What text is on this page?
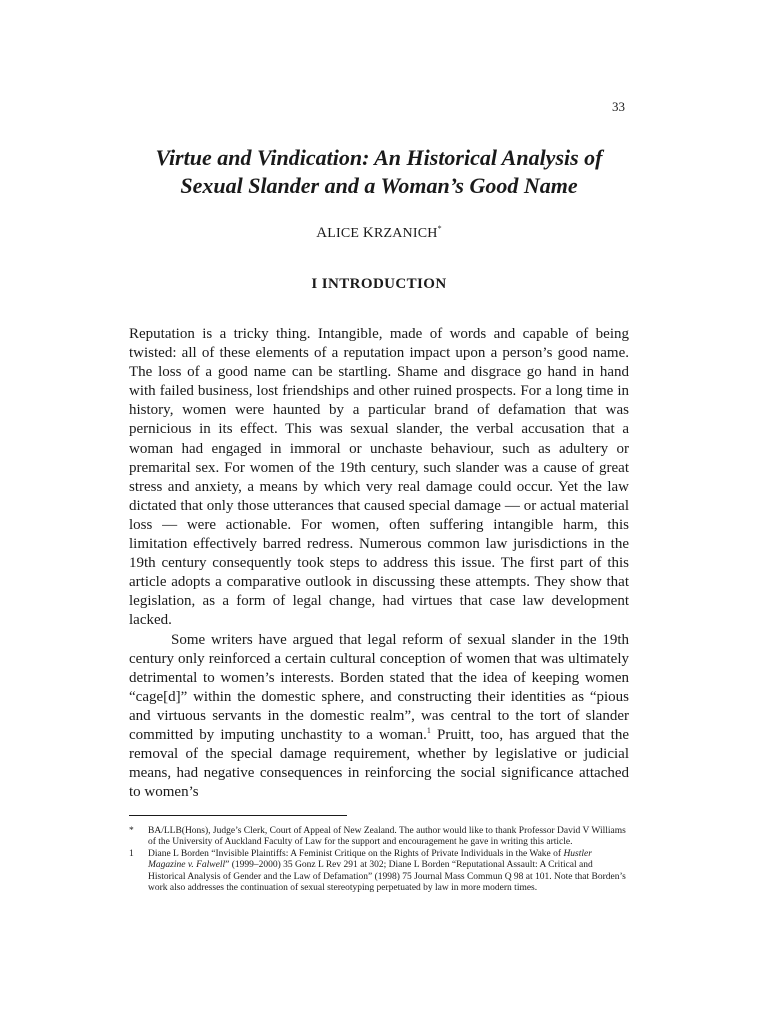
33
Virtue and Vindication: An Historical Analysis of
Sexual Slander and a Woman’s Good Name
ALICE KRZANICH*
I INTRODUCTION

Reputation is a tricky thing. Intangible, made of words and capable of being twisted: all of these elements of a reputation impact upon a person’s good name. The loss of a good name can be startling. Shame and disgrace go hand in hand with failed business, lost friendships and other ruined prospects. For a long time in history, women were haunted by a particular brand of defamation that was pernicious in its effect. This was sexual slander, the verbal accusation that a woman had engaged in immoral or unchaste behaviour, such as adultery or premarital sex. For women of the 19th century, such slander was a cause of great stress and anxiety, a means by which very real damage could occur. Yet the law dictated that only those utterances that caused special damage — or actual material loss — were actionable. For women, often suffering intangible harm, this limitation effectively barred redress. Numerous common law jurisdictions in the 19th century consequently took steps to address this issue. The first part of this article adopts a comparative outlook in discussing these attempts. They show that legislation, as a form of legal change, had virtues that case law development lacked.

Some writers have argued that legal reform of sexual slander in the 19th century only reinforced a certain cultural conception of women that was ultimately detrimental to women’s interests. Borden stated that the idea of keeping women “cage[d]” within the domestic sphere, and constructing their identities as “pious and virtuous servants in the domestic realm”, was central to the tort of slander committed by imputing unchastity to a woman.$^1$ Pruitt, too, has argued that the removal of the special damage requirement, whether by legislative or judicial means, had negative consequences in reinforcing the social significance attached to women’s

*	BA/LLB(Hons), Judge’s Clerk, Court of Appeal of New Zealand. The author would like to thank Professor David V Williams of the University of Auckland Faculty of Law for the support and encouragement he gave in writing this article.
1	Diane L Borden “Invisible Plaintiffs: A Feminist Critique on the Rights of Private Individuals in the Wake of Hustler Magazine v. Falwell” (1999–2000) 35 Gonz L Rev 291 at 302; Diane L Borden “Reputational Assault: A Critical and Historical Analysis of Gender and the Law of Defamation” (1998) 75 Journal Mass Commun Q 98 at 101. Note that Borden’s work also addresses the continuation of sexual stereotyping perpetuated by law in more modern times.
